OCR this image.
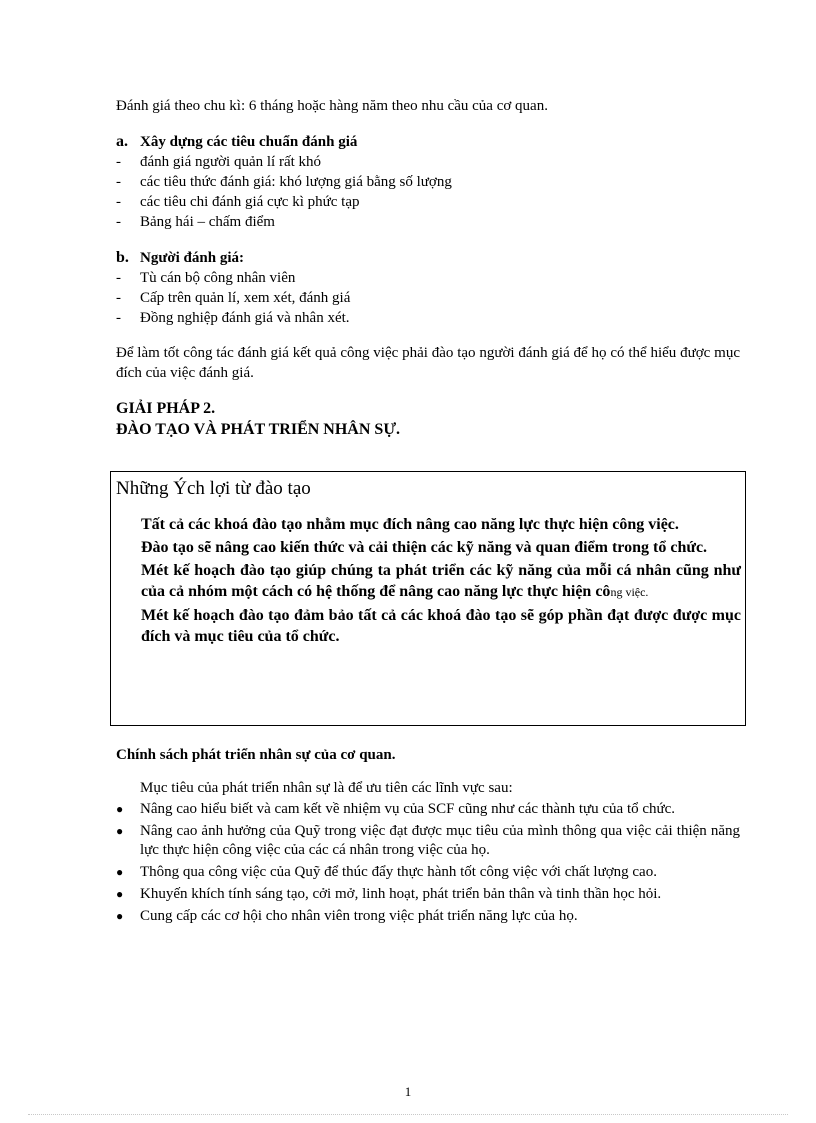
Đánh giá theo chu kì: 6 tháng hoặc hàng năm theo nhu cầu của cơ quan.
a. Xây dựng các tiêu chuẩn đánh giá
-	đánh giá người quản lí rất khó
-	các tiêu thức đánh giá: khó lượng giá bằng số lượng
-	các tiêu chi đánh giá cực kì phức tạp
-	Bảng hái – chấm điểm
b. Người đánh giá:
-	Tù cán bộ công nhân viên
-	Cấp trên quản lí, xem xét, đánh giá
-	Đồng nghiệp đánh giá và nhân xét.
Để làm tốt công tác đánh giá kết quả công việc phải đào tạo người đánh giá để họ có thể hiểu được mục đích của việc đánh giá.
GIẢI PHÁP 2.
ĐÀO TẠO VÀ PHÁT TRIỂN NHÂN SỰ.
Những Ých lợi từ đào tạo
Tất cả các khoá đào tạo nhằm mục đích nâng cao năng lực thực hiện công việc.
Đào tạo sẽ nâng cao kiến thức và cải thiện các kỹ năng và quan điểm trong tổ chức.
Mét kế hoạch đào tạo giúp chúng ta phát triển các kỹ năng của mỗi cá nhân cũng như của cả nhóm một cách có hệ thống để nâng cao năng lực thực hiện công việc.
Mét kế hoạch đào tạo đảm bảo tất cả các khoá đào tạo sẽ góp phần đạt được được mục đích và mục tiêu của tổ chức.
Chính sách phát triển nhân sự của cơ quan.
Mục tiêu của phát triển nhân sự là để ưu tiên các lĩnh vực sau:
●	Nâng cao hiểu biết và cam kết về nhiệm vụ của SCF cũng như các thành tựu của tổ chức.
●	Nâng cao ảnh hưởng của Quỹ trong việc đạt được mục tiêu của mình thông qua việc cải thiện năng lực thực hiện công việc của các cá nhân trong việc của họ.
●	Thông qua công việc của Quỹ để thúc đẩy thực hành tốt công việc với chất lượng cao.
●	Khuyến khích tính sáng tạo, cởi mở, linh hoạt, phát triển bản thân và tinh thần học hỏi.
●	Cung cấp các cơ hội cho nhân viên trong việc phát triển năng lực của họ.
1
